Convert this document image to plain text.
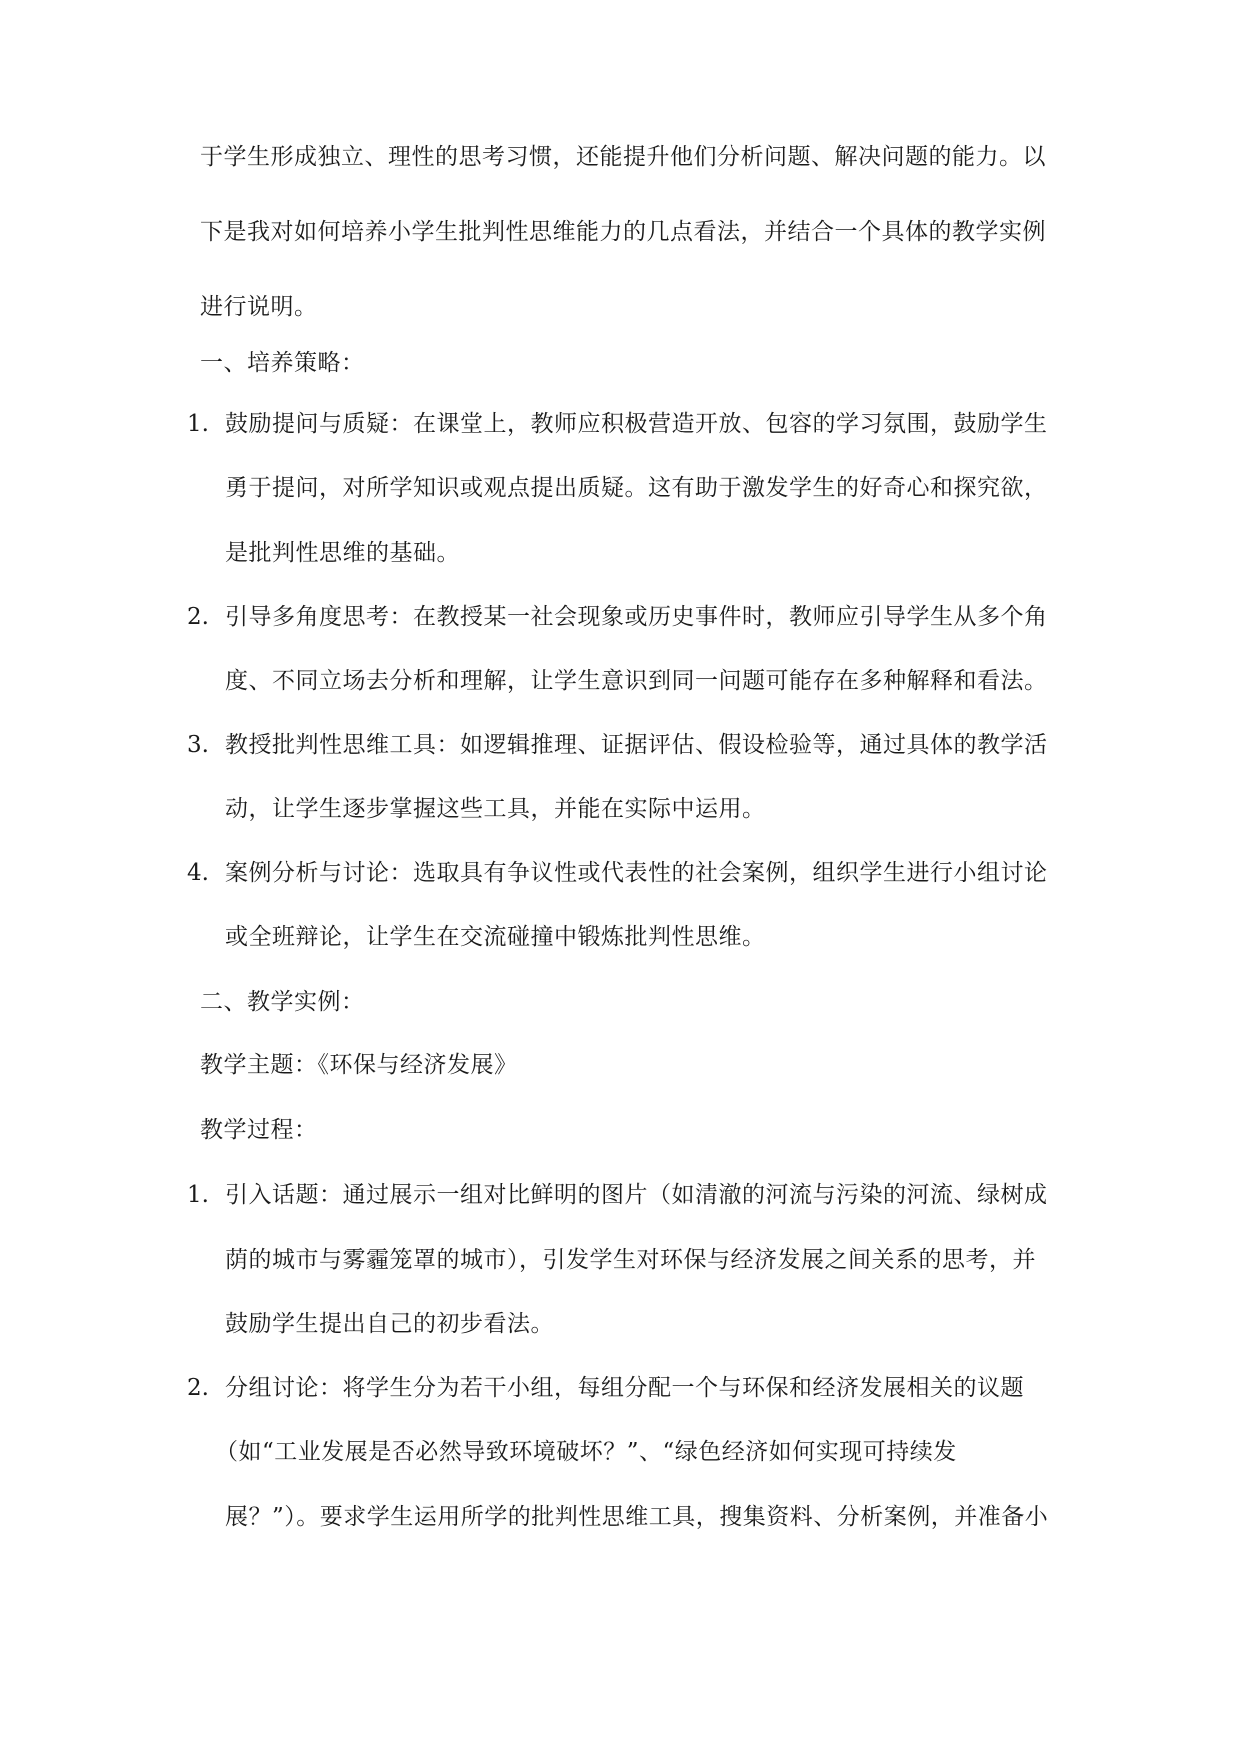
于学生形成独立、理性的思考习惯，还能提升他们分析问题、解决问题的能力。以
下是我对如何培养小学生批判性思维能力的几点看法，并结合一个具体的教学实例
进行说明。
一、培养策略：
1. 鼓励提问与质疑：在课堂上，教师应积极营造开放、包容的学习氛围，鼓励学生
勇于提问，对所学知识或观点提出质疑。这有助于激发学生的好奇心和探究欲，
是批判性思维的基础。
2. 引导多角度思考：在教授某一社会现象或历史事件时，教师应引导学生从多个角
度、不同立场去分析和理解，让学生意识到同一问题可能存在多种解释和看法。
3. 教授批判性思维工具：如逻辑推理、证据评估、假设检验等，通过具体的教学活
动，让学生逐步掌握这些工具，并能在实际中运用。
4. 案例分析与讨论：选取具有争议性或代表性的社会案例，组织学生进行小组讨论
或全班辩论，让学生在交流碰撞中锻炼批判性思维。
二、教学实例：
教学主题：《环保与经济发展》
教学过程：
1. 引入话题：通过展示一组对比鲜明的图片（如清澈的河流与污染的河流、绿树成
荫的城市与雾霾笼罩的城市），引发学生对环保与经济发展之间关系的思考，并
鼓励学生提出自己的初步看法。
2. 分组讨论：将学生分为若干小组，每组分配一个与环保和经济发展相关的议题
（如“工业发展是否必然导致环境破坏？”、“绿色经济如何实现可持续发
展？”）。要求学生运用所学的批判性思维工具，搜集资料、分析案例，并准备小
